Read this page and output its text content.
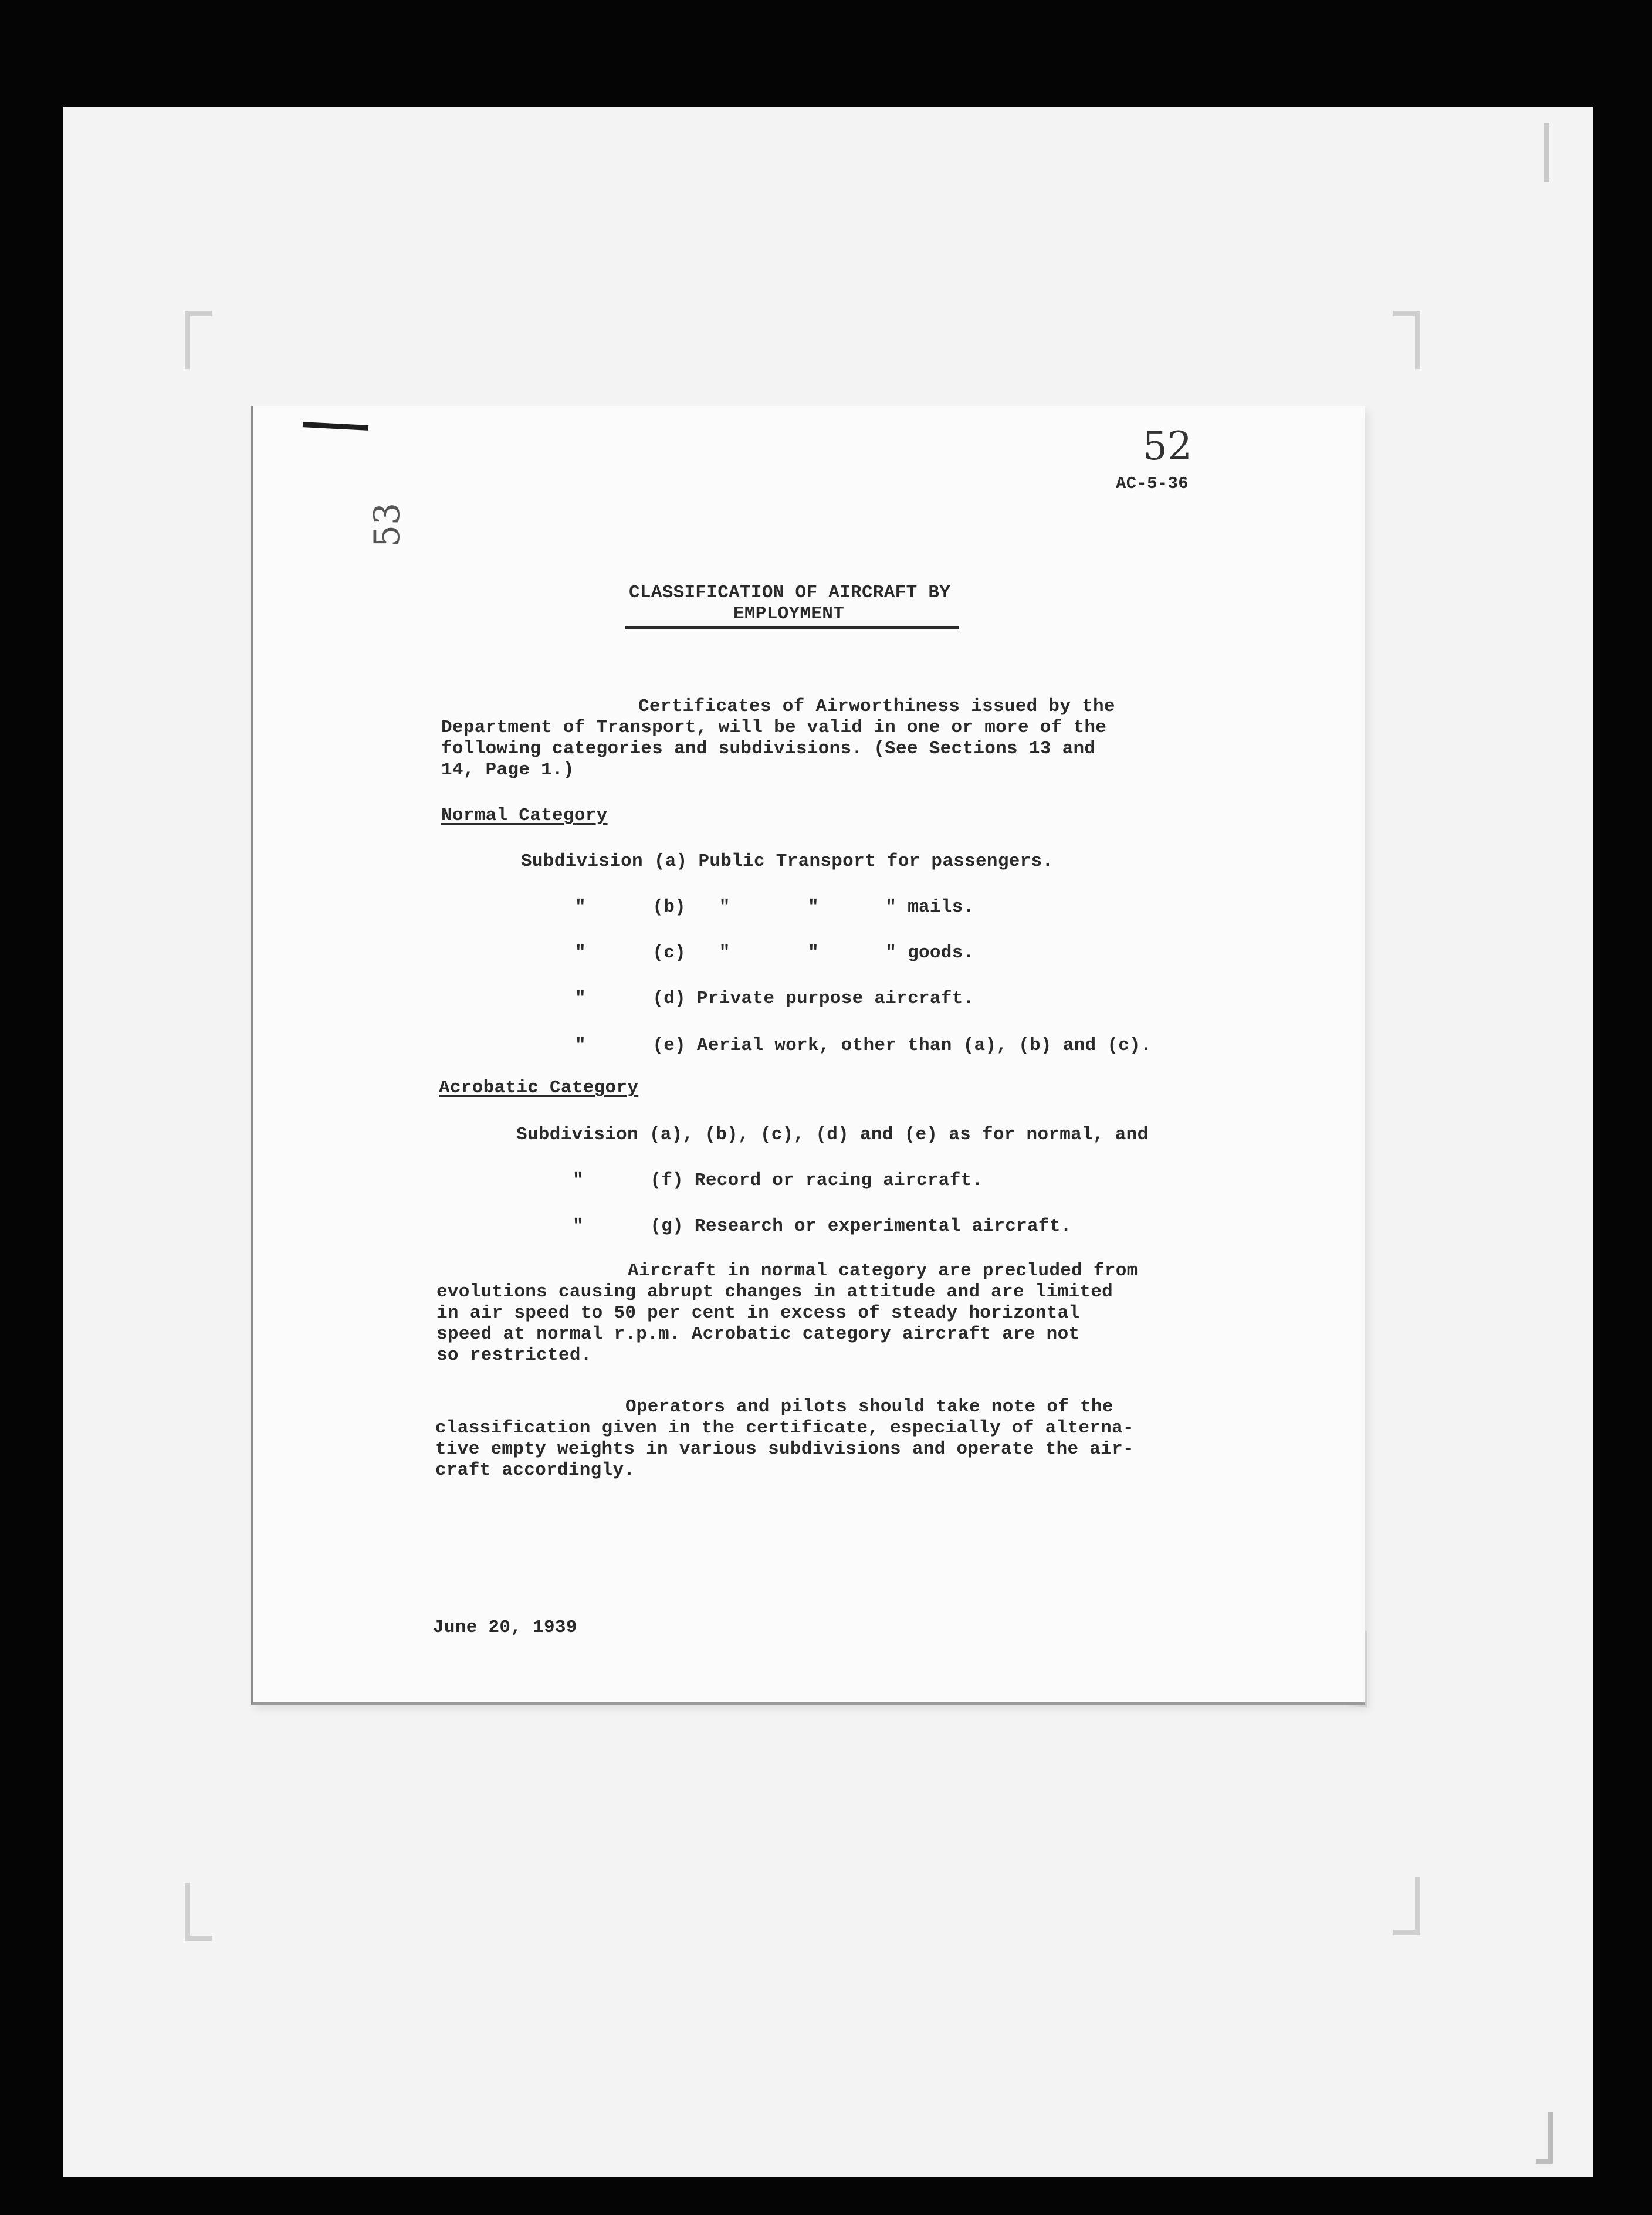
52
53
AC-5-36
CLASSIFICATION OF AIRCRAFT BY
EMPLOYMENT
Certificates of Airworthiness issued by the
Department of Transport, will be valid in one or more of the
following categories and subdivisions. (See Sections 13 and
14, Page 1.)
Normal Category
Subdivision (a) Public Transport for passengers.
"      (b)   "       "      " mails.
"      (c)   "       "      " goods.
"      (d) Private purpose aircraft.
"      (e) Aerial work, other than (a), (b) and (c).
Acrobatic Category
Subdivision (a), (b), (c), (d) and (e) as for normal, and
"      (f) Record or racing aircraft.
"      (g) Research or experimental aircraft.
Aircraft in normal category are precluded from
evolutions causing abrupt changes in attitude and are limited
in air speed to 50 per cent in excess of steady horizontal
speed at normal r.p.m. Acrobatic category aircraft are not
so restricted.
Operators and pilots should take note of the
classification given in the certificate, especially of alterna-
tive empty weights in various subdivisions and operate the air-
craft accordingly.
June 20, 1939
